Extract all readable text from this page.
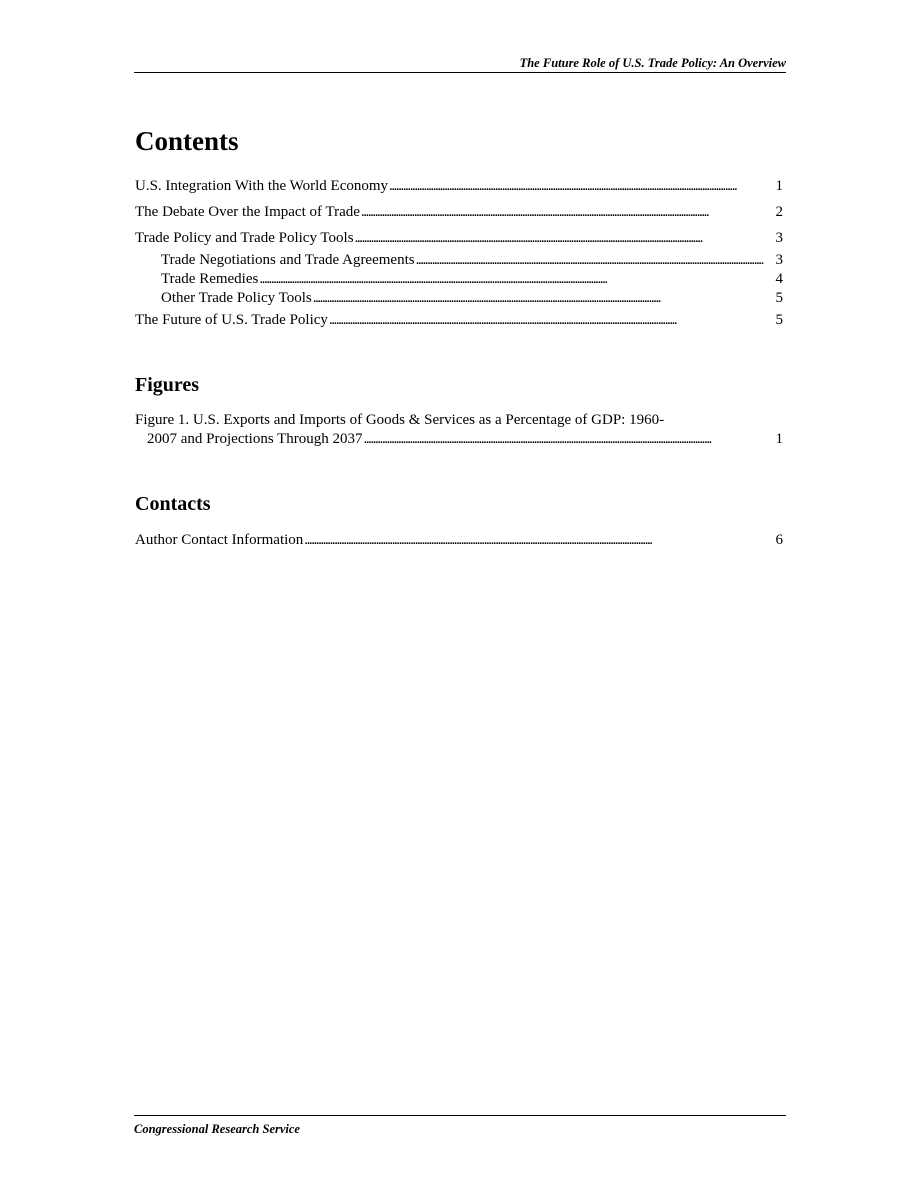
The Future Role of U.S. Trade Policy: An Overview
Contents
U.S. Integration With the World Economy . . .	1
The Debate Over the Impact of Trade . . .	2
Trade Policy and Trade Policy Tools . . .	3
Trade Negotiations and Trade Agreements . . .	3
Trade Remedies . . .	4
Other Trade Policy Tools . . .	5
The Future of U.S. Trade Policy . . .	5
Figures
Figure 1. U.S. Exports and Imports of Goods & Services as a Percentage of GDP: 1960-
2007 and Projections Through 2037 . . .	1
Contacts
Author Contact Information . . .	6
Congressional Research Service
